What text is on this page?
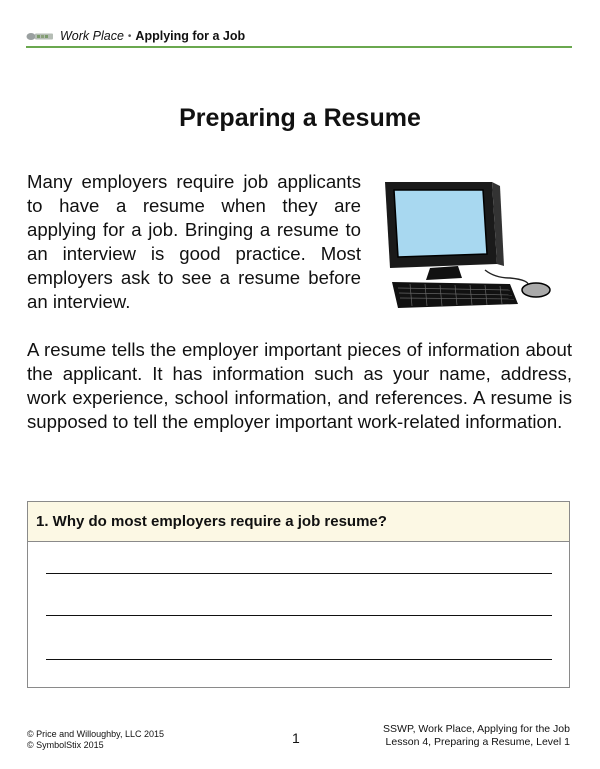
Work Place • Applying for a Job
Preparing a Resume

Many employers require job applicants to have a resume when they are applying for a job. Bringing a resume to an interview is good practice. Most employers ask to see a resume before an interview.

A resume tells the employer important pieces of information about the applicant. It has information such as your name, address, work experience, school information, and references. A resume is supposed to tell the employer important work-related information.

1. Why do most employers require a job resume?
© Price and Willoughby, LLC 2015
© SymbolStix 2015	1
SSWP, Work Place, Applying for the Job
Lesson 4, Preparing a Resume, Level 1
